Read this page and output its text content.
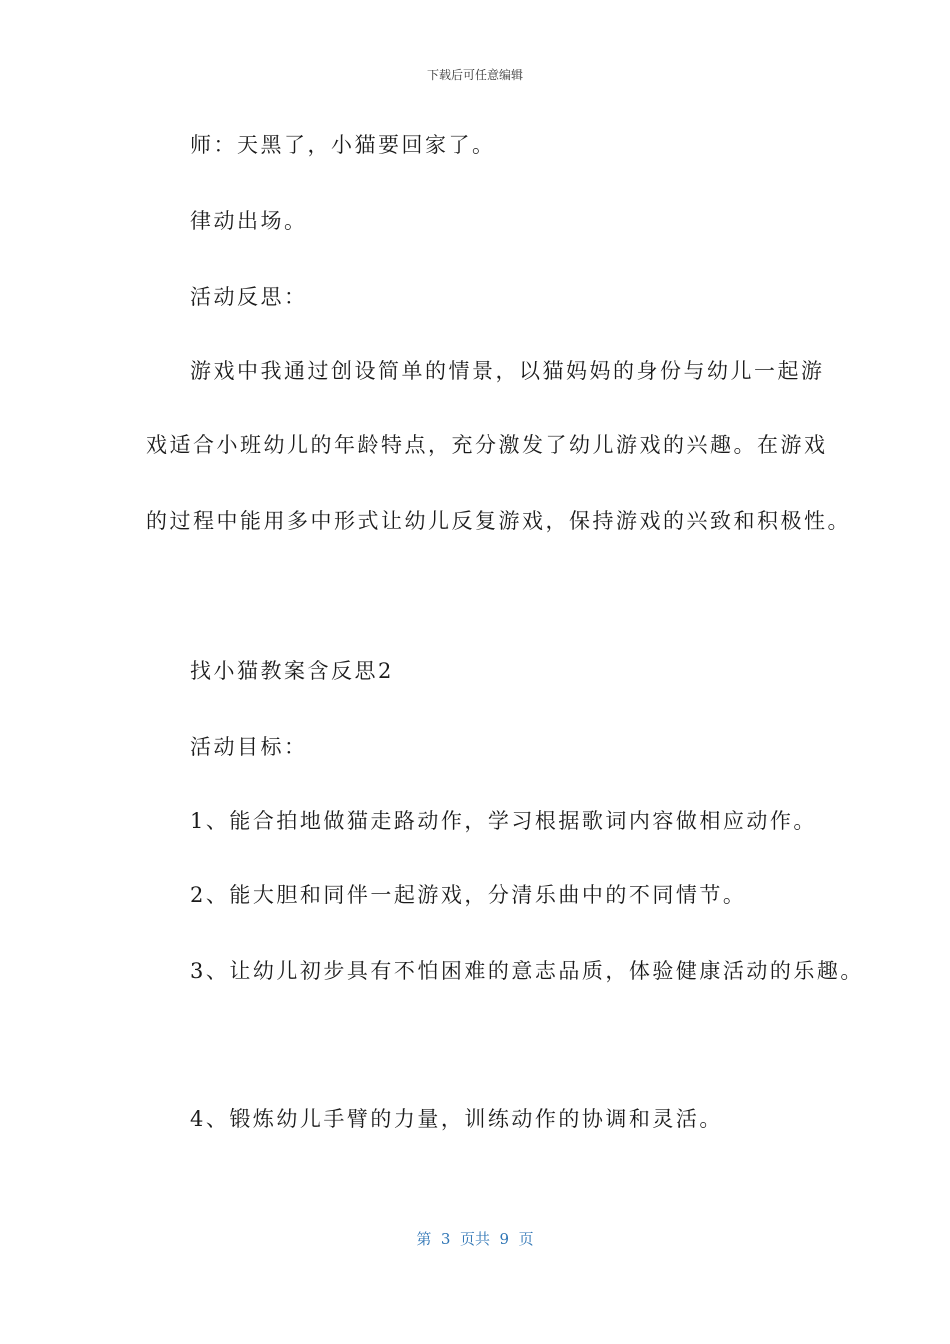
下载后可任意编辑
师：天黑了，小猫要回家了。
律动出场。
活动反思：
游戏中我通过创设简单的情景，以猫妈妈的身份与幼儿一起游
戏适合小班幼儿的年龄特点，充分激发了幼儿游戏的兴趣。在游戏
的过程中能用多中形式让幼儿反复游戏，保持游戏的兴致和积极性。
找小猫教案含反思2
活动目标：
1、能合拍地做猫走路动作，学习根据歌词内容做相应动作。
2、能大胆和同伴一起游戏，分清乐曲中的不同情节。
3、让幼儿初步具有不怕困难的意志品质，体验健康活动的乐趣。
4、锻炼幼儿手臂的力量，训练动作的协调和灵活。
第  3  页共  9  页
